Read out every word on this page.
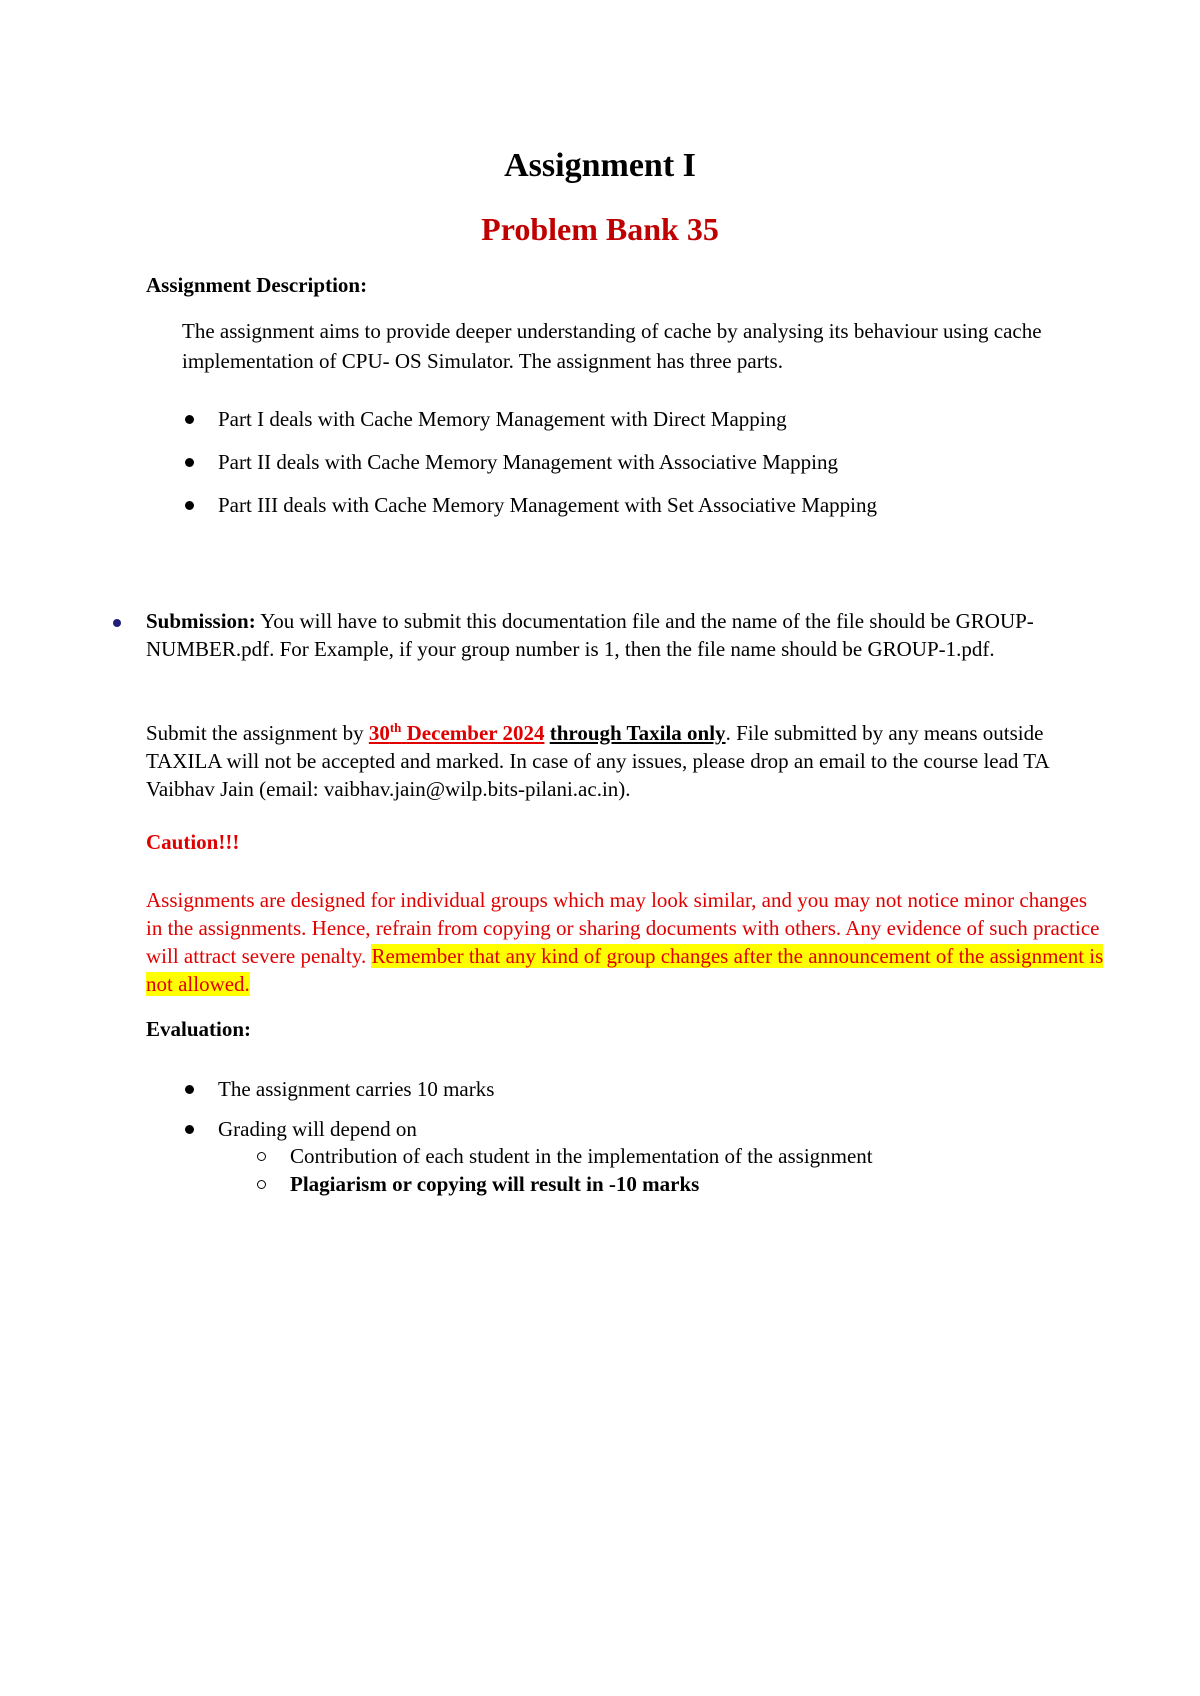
Assignment I
Problem Bank 35
Assignment Description:

The assignment aims to provide deeper understanding of cache by analysing its behaviour using cache implementation of CPU- OS Simulator. The assignment has three parts.

Part I deals with Cache Memory Management with Direct Mapping
Part II deals with Cache Memory Management with Associative Mapping
Part III deals with Cache Memory Management with Set Associative Mapping

Submission: You will have to submit this documentation file and the name of the file should be GROUP-NUMBER.pdf. For Example, if your group number is 1, then the file name should be GROUP-1.pdf.

Submit the assignment by 30th December 2024 through Taxila only. File submitted by any means outside TAXILA will not be accepted and marked. In case of any issues, please drop an email to the course lead TA Vaibhav Jain (email: vaibhav.jain@wilp.bits-pilani.ac.in).

Caution!!!

Assignments are designed for individual groups which may look similar, and you may not notice minor changes in the assignments. Hence, refrain from copying or sharing documents with others. Any evidence of such practice will attract severe penalty. Remember that any kind of group changes after the announcement of the assignment is not allowed.

Evaluation:
The assignment carries 10 marks
Grading will depend on
Contribution of each student in the implementation of the assignment
Plagiarism or copying will result in -10 marks
